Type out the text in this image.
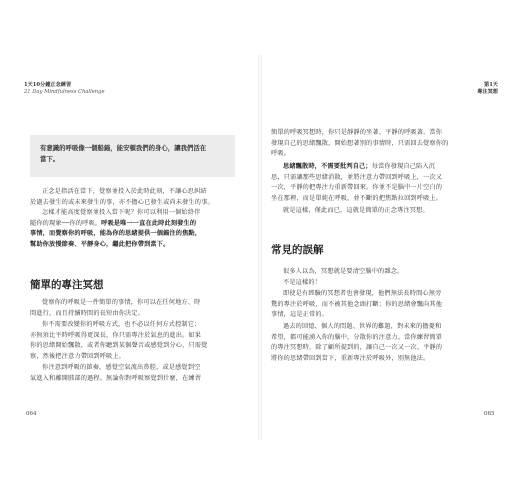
1天10分鐘正念練習
21 Day Mindfulness Challenge
有意識的呼吸像一個船錨，能安頓我們的身心，讓我們活在
當下。
正念是指活在當下，覺察並投入於此時此刻，不讓心思糾結
於過去發生的或未來發生的事，亦不擔心已發生或尚未發生的事。
怎樣才能高度覺察並投入當下呢？你可以利用一個始終伴
隨你的現象──你的呼吸。呼吸是唯一一直在此時此刻發生的
事情，而覺察你的呼吸，能為你的思緒提供一個錨注的焦點，
幫助你放慢節奏、平靜身心，繼此把你帶到當下。
簡單的專注冥想
覺察你的呼吸是一件簡單的事情，你可以在任何地方、時
間進行，而且持續時間的長短由你決定。
你不需要改變你的呼吸方式，也不必以任何方式控制它；
亦無須比平時呼吸得更深長，你只需專注於氣息的進出。如果
你的思緒開始飄散，或者你聽到某個聲音或感覺到分心，只需覺
察，然後把注意力帶回到呼吸上。
你注意到呼吸的節奏，感覺空氣流出鼻腔，或是感覺到空
氣進入和離開肺部的過程。無論你對呼吸察覺到什麼，在練習
064
第1天
專注冥想
簡單的呼吸冥想時，你只是靜靜的坐著、平靜的呼吸著。當你
發現自己的思緒飄散，開始想著別的事情時，只需回去覺察你的
呼吸。
思緒飄散時，不需要批判自己；每當你發現自己陷入沉
思，只需讓那些思緒消散，並將注意力帶回到呼吸上，一次又
一次，平靜的把專注力重新帶回來。你並不是腦中一片空白的
坐在那裡，而是單純在呼吸，並不斷的把焦點拉回到呼吸上。
就是這樣，僅此而已，這就是簡單的正念專注冥想。
常見的誤解
很多人以為，冥想就是要清空腦中的雜念。
不是這樣的！
即使是有經驗的冥想者也會發現，他們無法長時間心無旁
騖的專注於呼吸，而不被其他念頭打斷；你的思緒會飄向其他
事情，這是正常的。
過去的回憶、個人的問題、世界的難題，對未來的擔憂和
希望，都可能湧入你的腦中，分散你的注意力。當你練習簡單
的專注冥想時，除了顧所提到的，讓自己一次又一次、平靜的
將你的思緒帶回到當下，重新專注於呼吸外，別無他法。
065
